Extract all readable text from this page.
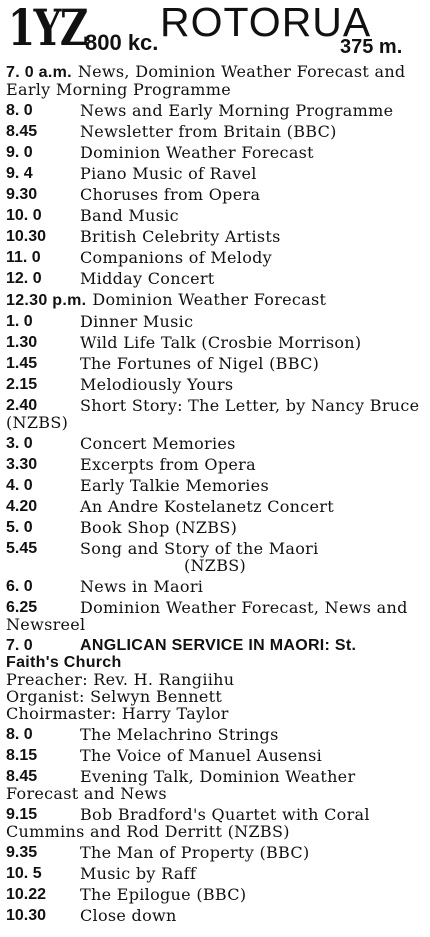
1YZ
800 kc. ROTORUA
375 m.
7. 0 a.m. News, Dominion Weather Forecast and Early Morning Programme
8. 0	News and Early Morning Programme
8.45	Newsletter from Britain (BBC)
9. 0	Dominion Weather Forecast
9. 4	Piano Music of Ravel
9.30	Choruses from Opera
10. 0	Band Music
10.30	British Celebrity Artists
11. 0	Companions of Melody
12. 0	Midday Concert
12.30 p.m. Dominion Weather Forecast
1. 0	Dinner Music
1.30	Wild Life Talk (Crosbie Morrison)
1.45	The Fortunes of Nigel (BBC)
2.15	Melodiously Yours
2.40	Short Story: The Letter, by Nancy Bruce (NZBS)
3. 0	Concert Memories
3.30	Excerpts from Opera
4. 0	Early Talkie Memories
4.20	An Andre Kostelanetz Concert
5. 0	Book Shop (NZBS)
5.45	Song and Story of the Maori
(NZBS)
6. 0	News in Maori
6.25	Dominion Weather Forecast, News and Newsreel
7. 0	ANGLICAN SERVICE IN MAORI: St.
Faith's Church
Preacher: Rev. H. Rangiihu
Organist: Selwyn Bennett
Choirmaster: Harry Taylor
8. 0	The Melachrino Strings
8.15	The Voice of Manuel Ausensi
8.45	Evening Talk, Dominion Weather Forecast and News
9.15	Bob Bradford's Quartet with Coral Cummins and Rod Derritt (NZBS)
9.35	The Man of Property (BBC)
10. 5	Music by Raff
10.22	The Epilogue (BBC)
10.30	Close down
